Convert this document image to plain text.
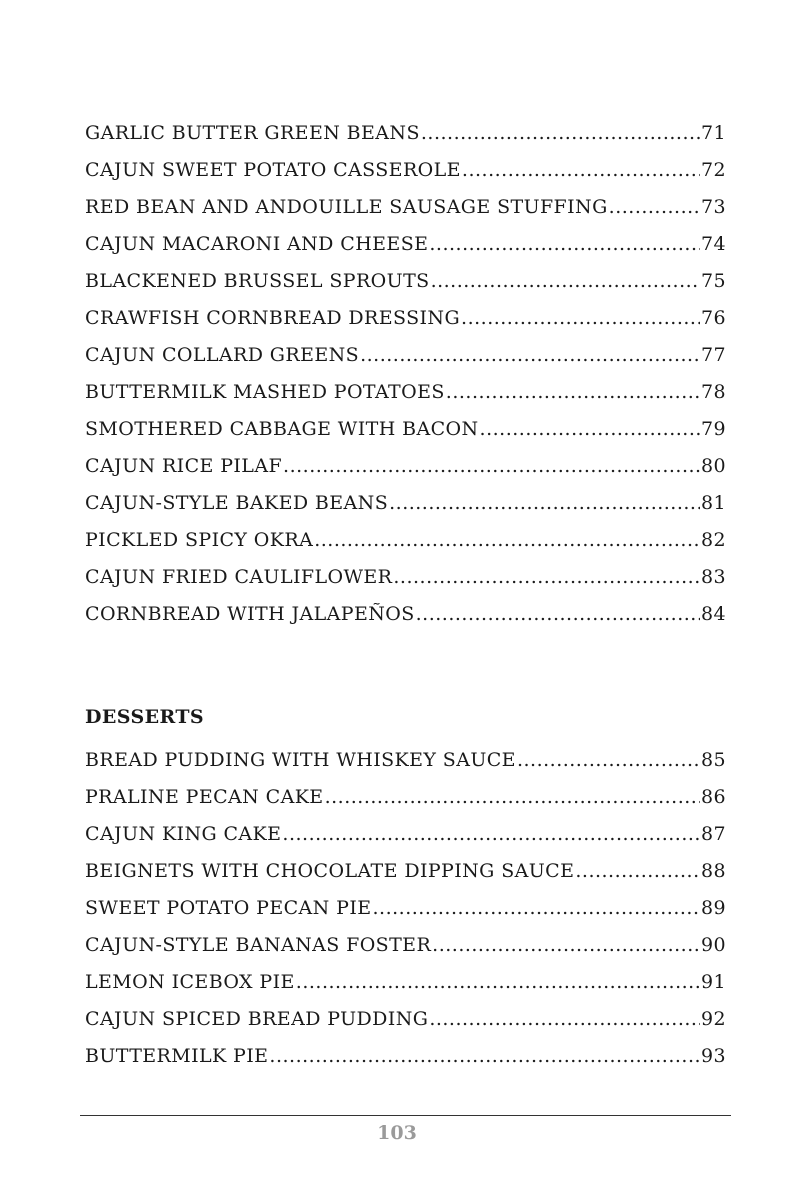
GARLIC BUTTER GREEN BEANS .....	71
CAJUN SWEET POTATO CASSEROLE .....	72
RED BEAN AND ANDOUILLE SAUSAGE STUFFING .....	73
CAJUN MACARONI AND CHEESE .....	74
BLACKENED BRUSSEL SPROUTS .....	75
CRAWFISH CORNBREAD DRESSING .....	76
CAJUN COLLARD GREENS .....	77
BUTTERMILK MASHED POTATOES .....	78
SMOTHERED CABBAGE WITH BACON .....	79
CAJUN RICE PILAF .....	80
CAJUN-STYLE BAKED BEANS .....	81
PICKLED SPICY OKRA .....	82
CAJUN FRIED CAULIFLOWER .....	83
CORNBREAD WITH JALAPEÑOS .....	84
DESSERTS
BREAD PUDDING WITH WHISKEY SAUCE .....	85
PRALINE PECAN CAKE .....	86
CAJUN KING CAKE .....	87
BEIGNETS WITH CHOCOLATE DIPPING SAUCE .....	88
SWEET POTATO PECAN PIE .....	89
CAJUN-STYLE BANANAS FOSTER .....	90
LEMON ICEBOX PIE .....	91
CAJUN SPICED BREAD PUDDING .....	92
BUTTERMILK PIE .....	93
103
